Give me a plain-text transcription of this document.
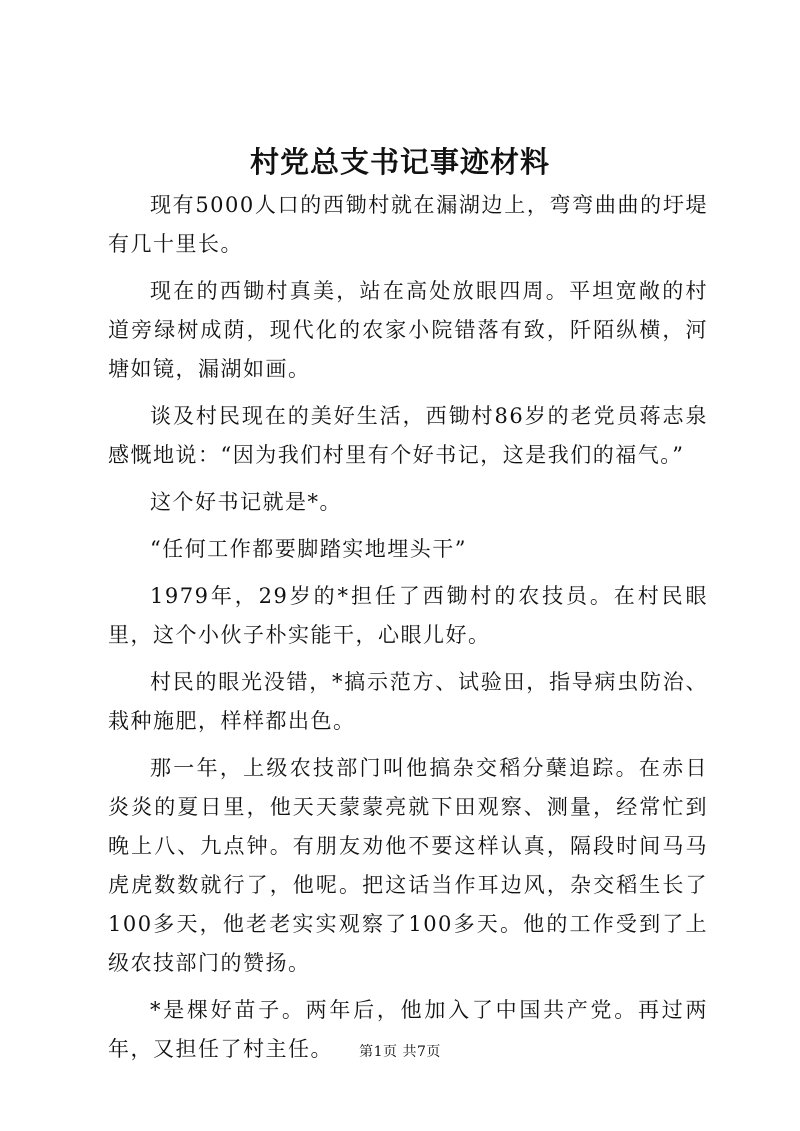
村党总支书记事迹材料

现有5000人口的西锄村就在漏湖边上，弯弯曲曲的圩堤有几十里长。

现在的西锄村真美，站在高处放眼四周。平坦宽敞的村道旁绿树成荫，现代化的农家小院错落有致，阡陌纵横，河塘如镜，漏湖如画。

谈及村民现在的美好生活，西锄村86岁的老党员蒋志泉感慨地说：“因为我们村里有个好书记，这是我们的福气。”

这个好书记就是*。

“任何工作都要脚踏实地埋头干”

1979年，29岁的*担任了西锄村的农技员。在村民眼里，这个小伙子朴实能干，心眼儿好。

村民的眼光没错，*搞示范方、试验田，指导病虫防治、栽种施肥，样样都出色。

那一年，上级农技部门叫他搞杂交稻分蘖追踪。在赤日炎炎的夏日里，他天天蒙蒙亮就下田观察、测量，经常忙到晚上八、九点钟。有朋友劝他不要这样认真，隔段时间马马虎虎数数就行了，他呢。把这话当作耳边风，杂交稻生长了100多天，他老老实实观察了100多天。他的工作受到了上级农技部门的赞扬。

*是棵好苗子。两年后，他加入了中国共产党。再过两年，又担任了村主任。	第1页 共7页
